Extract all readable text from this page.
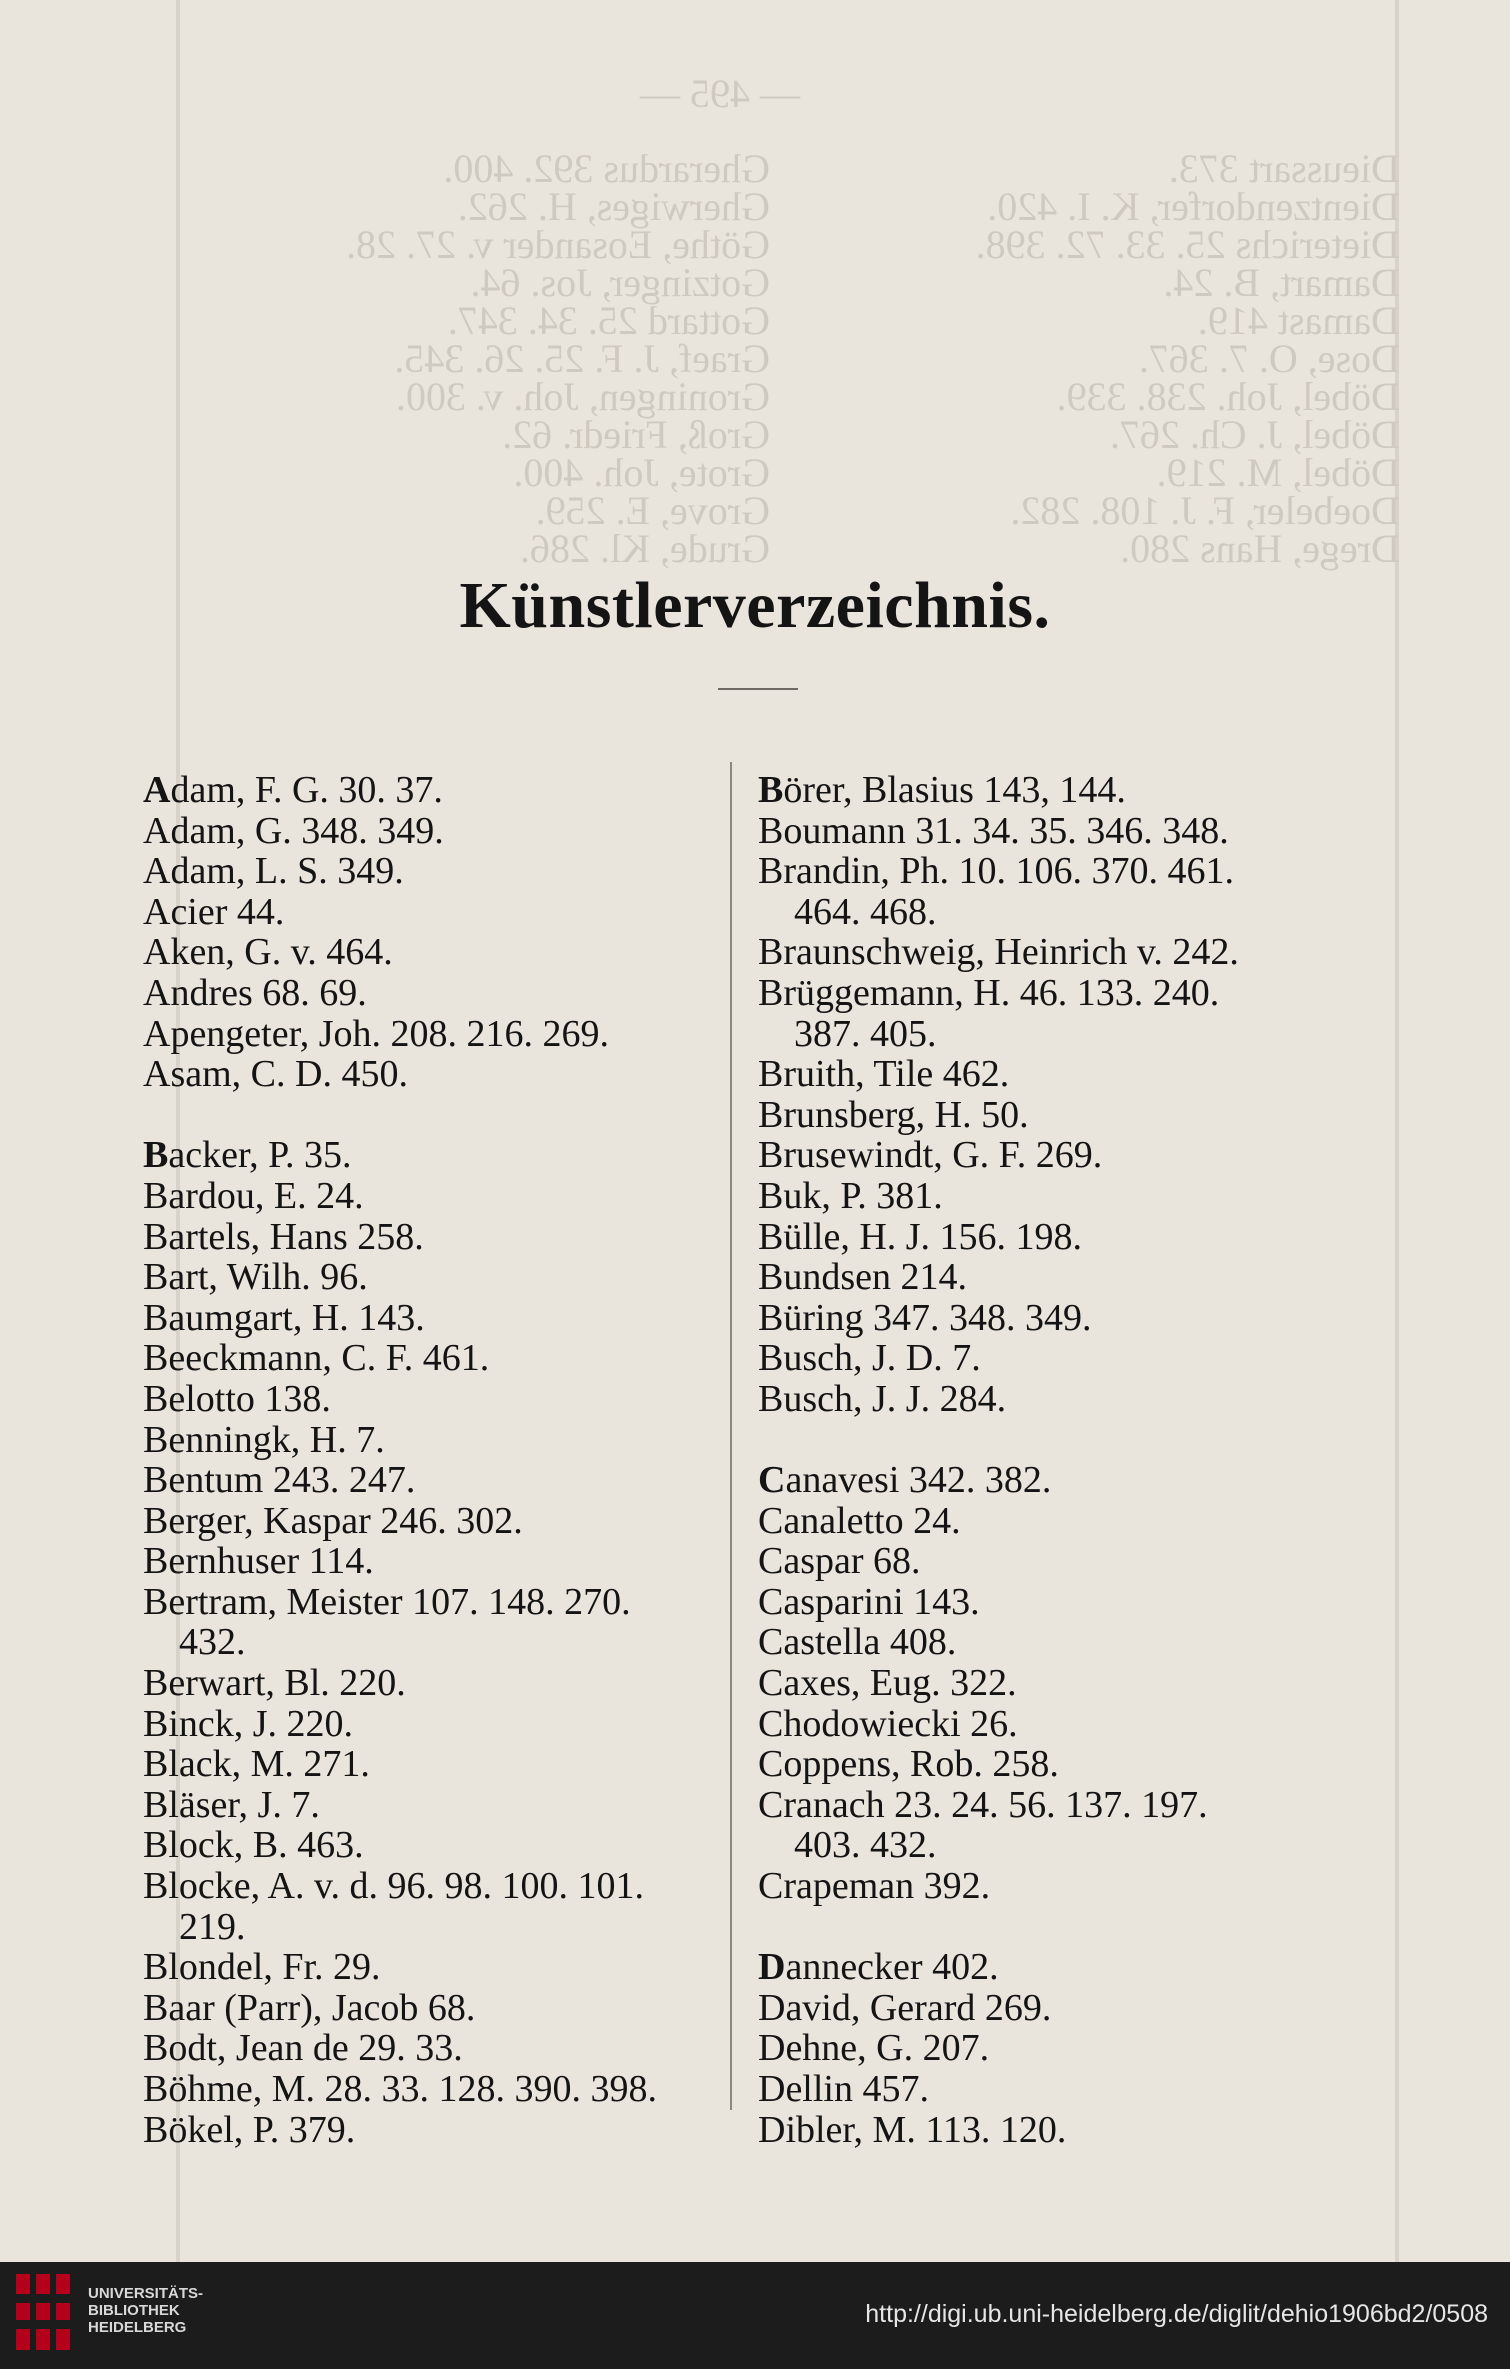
— 495 —
Gherardus 392. 400.
Gherwiges, H. 262.
Göthe, Eosander v. 27. 28.
Gotzinger, Jos. 64.
Gottard 25. 34. 347.
Graef, J. F. 25. 26. 345.
Groningen, Joh. v. 300.
Groß, Friedr. 62.
Grote, Joh. 400.
Grove, E. 259.
Grude, Kl. 286.
Dieussart 373.
Dientzendorfer, K. I. 420.
Dieterichs 25. 33. 72. 398.
Damart, B. 24.
Damast 419.
Dose, O. 7. 367.
Döbel, Joh. 238. 339.
Döbel, J. Ch. 267.
Döbel, M. 219.
Doebeler, F. J. 108. 282.
Drege, Hans 280.
Künstlerverzeichnis.
Adam, F. G. 30. 37.
Adam, G. 348. 349.
Adam, L. S. 349.
Acier 44.
Aken, G. v. 464.
Andres 68. 69.
Apengeter, Joh. 208. 216. 269.
Asam, C. D. 450.
Backer, P. 35.
Bardou, E. 24.
Bartels, Hans 258.
Bart, Wilh. 96.
Baumgart, H. 143.
Beeckmann, C. F. 461.
Belotto 138.
Benningk, H. 7.
Bentum 243. 247.
Berger, Kaspar 246. 302.
Bernhuser 114.
Bertram, Meister 107. 148. 270.
432.
Berwart, Bl. 220.
Binck, J. 220.
Black, M. 271.
Bläser, J. 7.
Block, B. 463.
Blocke, A. v. d. 96. 98. 100. 101.
219.
Blondel, Fr. 29.
Baar (Parr), Jacob 68.
Bodt, Jean de 29. 33.
Böhme, M. 28. 33. 128. 390. 398.
Bökel, P. 379.
Börer, Blasius 143, 144.
Boumann 31. 34. 35. 346. 348.
Brandin, Ph. 10. 106. 370. 461.
464. 468.
Braunschweig, Heinrich v. 242.
Brüggemann, H. 46. 133. 240.
387. 405.
Bruith, Tile 462.
Brunsberg, H. 50.
Brusewindt, G. F. 269.
Buk, P. 381.
Bülle, H. J. 156. 198.
Bundsen 214.
Büring 347. 348. 349.
Busch, J. D. 7.
Busch, J. J. 284.
Canavesi 342. 382.
Canaletto 24.
Caspar 68.
Casparini 143.
Castella 408.
Caxes, Eug. 322.
Chodowiecki 26.
Coppens, Rob. 258.
Cranach 23. 24. 56. 137. 197.
403. 432.
Crapeman 392.
Dannecker 402.
David, Gerard 269.
Dehne, G. 207.
Dellin 457.
Dibler, M. 113. 120.
UNIVERSITÄTS-
BIBLIOTHEK
HEIDELBERG	http://digi.ub.uni-heidelberg.de/diglit/dehio1906bd2/0508
